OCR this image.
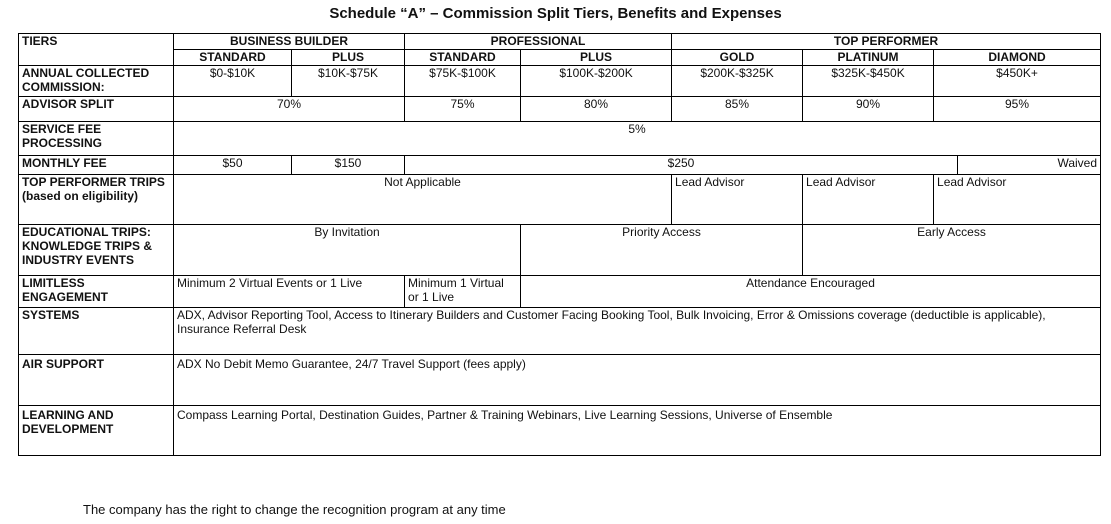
Schedule “A” – Commission Split Tiers, Benefits and Expenses
TIERS	BUSINESS BUILDER		PROFESSIONAL		TOP PERFORMER			
	STANDARD	PLUS	STANDARD	PLUS	GOLD	PLATINUM	DIAMOND	
ANNUAL COLLECTED COMMISSION:	$0-$10K	$10K-$75K	$75K-$100K	$100K-$200K	$200K-$325K	$325K-$450K	$450K+	
ADVISOR SPLIT	70%		75%	80%	85%	90%	95%	
SERVICE FEE PROCESSING	5%							
MONTHLY FEE	$50	$150	$250					Waived
TOP PERFORMER TRIPS (based on eligibility)	Not Applicable				Lead Advisor	Lead Advisor	Lead Advisor	
EDUCATIONAL TRIPS: KNOWLEDGE TRIPS & INDUSTRY EVENTS	By Invitation			Priority Access		Early Access		
LIMITLESS ENGAGEMENT	Minimum 2 Virtual Events or 1 Live		Minimum 1 Virtual or 1 Live	Attendance Encouraged				
SYSTEMS	ADX, Advisor Reporting Tool, Access to Itinerary Builders and Customer Facing Booking Tool, Bulk Invoicing, Error & Omissions coverage (deductible is applicable), Insurance Referral Desk							
AIR SUPPORT	ADX No Debit Memo Guarantee, 24/7 Travel Support (fees apply)							
LEARNING AND DEVELOPMENT	Compass Learning Portal, Destination Guides, Partner & Training Webinars, Live Learning Sessions, Universe of Ensemble							
The company has the right to change the recognition program at any time
